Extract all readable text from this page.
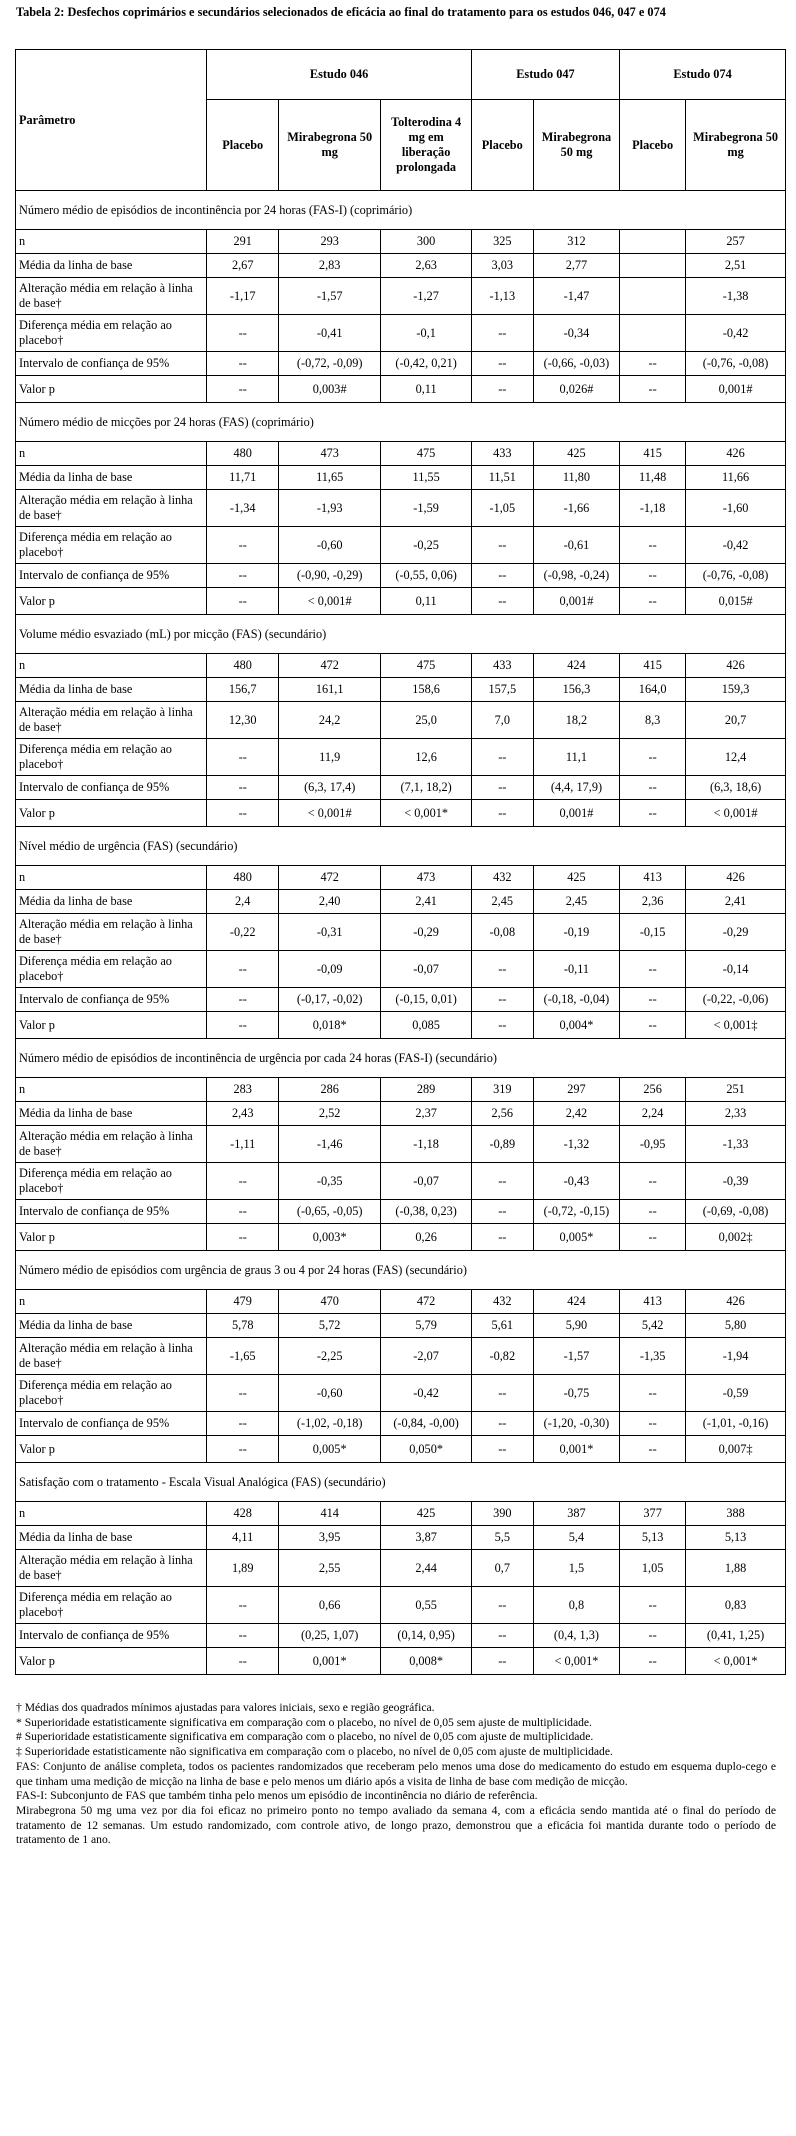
Tabela 2: Desfechos coprimários e secundários selecionados de eficácia ao final do tratamento para os estudos 046, 047 e 074
Parâmetro	Estudo 046			Estudo 047		Estudo 074	
	Placebo	Mirabegrona 50 mg	Tolterodina 4 mg em liberação prolongada	Placebo	Mirabegrona 50 mg	Placebo	Mirabegrona 50 mg
Número médio de episódios de incontinência por 24 horas (FAS-I) (coprimário)							
n	291	293	300	325	312		257
Média da linha de base	2,67	2,83	2,63	3,03	2,77		2,51
Alteração média em relação à linha de base†	-1,17	-1,57	-1,27	-1,13	-1,47		-1,38
Diferença média em relação ao placebo†	--	-0,41	-0,1	--	-0,34		-0,42
Intervalo de confiança de 95%	--	(-0,72, -0,09)	(-0,42, 0,21)	--	(-0,66, -0,03)	--	(-0,76, -0,08)
Valor p	--	0,003#	0,11	--	0,026#	--	0,001#
Número médio de micções por 24 horas (FAS) (coprimário)							
n	480	473	475	433	425	415	426
Média da linha de base	11,71	11,65	11,55	11,51	11,80	11,48	11,66
Alteração média em relação à linha de base†	-1,34	-1,93	-1,59	-1,05	-1,66	-1,18	-1,60
Diferença média em relação ao placebo†	--	-0,60	-0,25	--	-0,61	--	-0,42
Intervalo de confiança de 95%	--	(-0,90, -0,29)	(-0,55, 0,06)	--	(-0,98, -0,24)	--	(-0,76, -0,08)
Valor p	--	< 0,001#	0,11	--	0,001#	--	0,015#
Volume médio esvaziado (mL) por micção (FAS) (secundário)							
n	480	472	475	433	424	415	426
Média da linha de base	156,7	161,1	158,6	157,5	156,3	164,0	159,3
Alteração média em relação à linha de base†	12,30	24,2	25,0	7,0	18,2	8,3	20,7
Diferença média em relação ao placebo†	--	11,9	12,6	--	11,1	--	12,4
Intervalo de confiança de 95%	--	(6,3, 17,4)	(7,1, 18,2)	--	(4,4, 17,9)	--	(6,3, 18,6)
Valor p	--	< 0,001#	< 0,001*	--	0,001#	--	< 0,001#
Nível médio de urgência (FAS) (secundário)							
n	480	472	473	432	425	413	426
Média da linha de base	2,4	2,40	2,41	2,45	2,45	2,36	2,41
Alteração média em relação à linha de base†	-0,22	-0,31	-0,29	-0,08	-0,19	-0,15	-0,29
Diferença média em relação ao placebo†	--	-0,09	-0,07	--	-0,11	--	-0,14
Intervalo de confiança de 95%	--	(-0,17, -0,02)	(-0,15, 0,01)	--	(-0,18, -0,04)	--	(-0,22, -0,06)
Valor p	--	0,018*	0,085	--	0,004*	--	< 0,001‡
Número médio de episódios de incontinência de urgência por cada 24 horas (FAS-I) (secundário)							
n	283	286	289	319	297	256	251
Média da linha de base	2,43	2,52	2,37	2,56	2,42	2,24	2,33
Alteração média em relação à linha de base†	-1,11	-1,46	-1,18	-0,89	-1,32	-0,95	-1,33
Diferença média em relação ao placebo†	--	-0,35	-0,07	--	-0,43	--	-0,39
Intervalo de confiança de 95%	--	(-0,65, -0,05)	(-0,38, 0,23)	--	(-0,72, -0,15)	--	(-0,69, -0,08)
Valor p	--	0,003*	0,26	--	0,005*	--	0,002‡
Número médio de episódios com urgência de graus 3 ou 4 por 24 horas (FAS) (secundário)							
n	479	470	472	432	424	413	426
Média da linha de base	5,78	5,72	5,79	5,61	5,90	5,42	5,80
Alteração média em relação à linha de base†	-1,65	-2,25	-2,07	-0,82	-1,57	-1,35	-1,94
Diferença média em relação ao placebo†	--	-0,60	-0,42	--	-0,75	--	-0,59
Intervalo de confiança de 95%	--	(-1,02, -0,18)	(-0,84, -0,00)	--	(-1,20, -0,30)	--	(-1,01, -0,16)
Valor p	--	0,005*	0,050*	--	0,001*	--	0,007‡
Satisfação com o tratamento - Escala Visual Analógica (FAS) (secundário)							
n	428	414	425	390	387	377	388
Média da linha de base	4,11	3,95	3,87	5,5	5,4	5,13	5,13
Alteração média em relação à linha de base†	1,89	2,55	2,44	0,7	1,5	1,05	1,88
Diferença média em relação ao placebo†	--	0,66	0,55	--	0,8	--	0,83
Intervalo de confiança de 95%	--	(0,25, 1,07)	(0,14, 0,95)	--	(0,4, 1,3)	--	(0,41, 1,25)
Valor p	--	0,001*	0,008*	--	< 0,001*	--	< 0,001*

† Médias dos quadrados mínimos ajustadas para valores iniciais, sexo e região geográfica.

* Superioridade estatisticamente significativa em comparação com o placebo, no nível de 0,05 sem ajuste de multiplicidade.

# Superioridade estatisticamente significativa em comparação com o placebo, no nível de 0,05 com ajuste de multiplicidade.

‡ Superioridade estatisticamente não significativa em comparação com o placebo, no nível de 0,05 com ajuste de multiplicidade.

FAS: Conjunto de análise completa, todos os pacientes randomizados que receberam pelo menos uma dose do medicamento do estudo em esquema duplo-cego e que tinham uma medição de micção na linha de base e pelo menos um diário após a visita de linha de base com medição de micção.

FAS-I: Subconjunto de FAS que também tinha pelo menos um episódio de incontinência no diário de referência.

Mirabegrona 50 mg uma vez por dia foi eficaz no primeiro ponto no tempo avaliado da semana 4, com a eficácia sendo mantida até o final do período de tratamento de 12 semanas. Um estudo randomizado, com controle ativo, de longo prazo, demonstrou que a eficácia foi mantida durante todo o período de tratamento de 1 ano.
